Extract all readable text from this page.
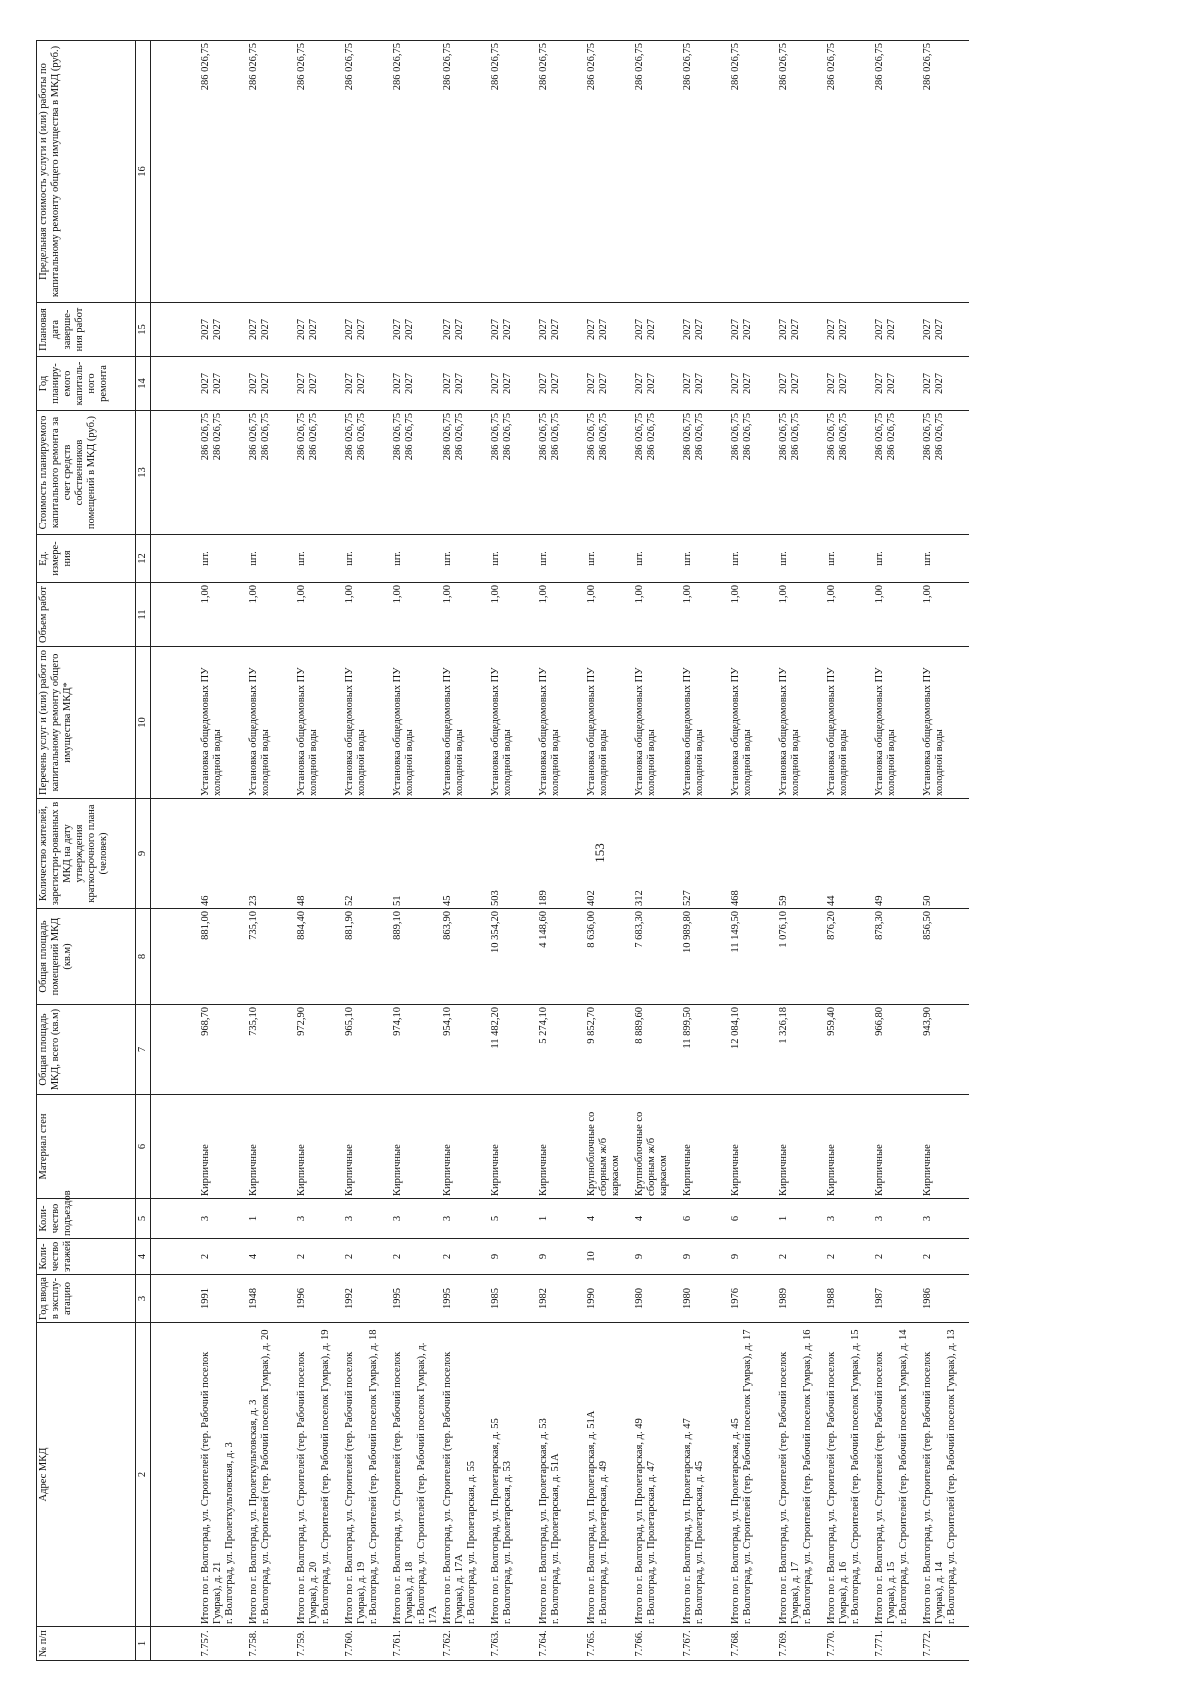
153
№ п/п	Адрес МКД	Год ввода в эксплу-атацию	Коли-чество этажей	Коли-чество подъездов	Материал стен	Общая площадь МКД, всего (кв.м)	Общая площадь помещений МКД (кв.м)	Количество жителей, зарегистри-рованных в МКД на дату утверждения краткосрочного плана (человек)	Перечень услуг и (или) работ по капитальному ремонту общего имущества МКД*	Объем работ	Ед. измере-ния	Стоимость планируемого капитального ремонта за счет средств собственников помещений в МКД (руб.)	Год планиру-емого капиталь-ного ремонта	Плановая дата заверше-ния работ	Предельная стоимость услуги и (или) работы по капитальному ремонту общего имущества в МКД (руб.)
1	2	3	4	5	6	7	8	9	10	11	12	13	14	15	16

7.757.	Итого по г. Волгоград, ул. Строителей (тер. Рабочий поселок Гумрак), д. 21 г. Волгоград, ул. Пролеткультовская, д. 3	1991	2	3	Кирпичные	968,70	881,00	46	Установка общедомовых ПУ холодной воды	1,00	шт.	286 026,75 286 026,75	2027 2027	2027 2027	286 026,75

7.758.	Итого по г. Волгоград, ул. Пролеткультовская, д. 3 г. Волгоград, ул. Строителей (тер. Рабочий поселок Гумрак), д. 20	1948	4	1	Кирпичные	735,10	735,10	23	Установка общедомовых ПУ холодной воды	1,00	шт.	286 026,75 286 026,75	2027 2027	2027 2027	286 026,75

7.759.	Итого по г. Волгоград, ул. Строителей (тер. Рабочий поселок Гумрак), д. 20 г. Волгоград, ул. Строителей (тер. Рабочий поселок Гумрак), д. 19	1996	2	3	Кирпичные	972,90	884,40	48	Установка общедомовых ПУ холодной воды	1,00	шт.	286 026,75 286 026,75	2027 2027	2027 2027	286 026,75

7.760.	Итого по г. Волгоград, ул. Строителей (тер. Рабочий поселок Гумрак), д. 19 г. Волгоград, ул. Строителей (тер. Рабочий поселок Гумрак), д. 18	1992	2	3	Кирпичные	965,10	881,90	52	Установка общедомовых ПУ холодной воды	1,00	шт.	286 026,75 286 026,75	2027 2027	2027 2027	286 026,75

7.761.	Итого по г. Волгоград, ул. Строителей (тер. Рабочий поселок Гумрак), д. 18 г. Волгоград, ул. Строителей (тер. Рабочий поселок Гумрак), д. 17А	1995	2	3	Кирпичные	974,10	889,10	51	Установка общедомовых ПУ холодной воды	1,00	шт.	286 026,75 286 026,75	2027 2027	2027 2027	286 026,75

7.762.	Итого по г. Волгоград, ул. Строителей (тер. Рабочий поселок Гумрак), д. 17А г. Волгоград, ул. Пролетарская, д. 55	1995	2	3	Кирпичные	954,10	863,90	45	Установка общедомовых ПУ холодной воды	1,00	шт.	286 026,75 286 026,75	2027 2027	2027 2027	286 026,75

7.763.	Итого по г. Волгоград, ул. Пролетарская, д. 55 г. Волгоград, ул. Пролетарская, д. 53	1985	9	5	Кирпичные	11 482,20	10 354,20	503	Установка общедомовых ПУ холодной воды	1,00	шт.	286 026,75 286 026,75	2027 2027	2027 2027	286 026,75

7.764.	Итого по г. Волгоград, ул. Пролетарская, д. 53 г. Волгоград, ул. Пролетарская, д. 51А	1982	9	1	Кирпичные	5 274,10	4 148,60	189	Установка общедомовых ПУ холодной воды	1,00	шт.	286 026,75 286 026,75	2027 2027	2027 2027	286 026,75

7.765.	Итого по г. Волгоград, ул. Пролетарская, д. 51А г. Волгоград, ул. Пролетарская, д. 49	1990	10	4	Крупноблочные со сборным ж/б каркасом	9 852,70	8 636,00	402	Установка общедомовых ПУ холодной воды	1,00	шт.	286 026,75 286 026,75	2027 2027	2027 2027	286 026,75

7.766.	Итого по г. Волгоград, ул. Пролетарская, д. 49 г. Волгоград, ул. Пролетарская, д. 47	1980	9	4	Крупноблочные со сборным ж/б каркасом	8 889,60	7 683,30	312	Установка общедомовых ПУ холодной воды	1,00	шт.	286 026,75 286 026,75	2027 2027	2027 2027	286 026,75

7.767.	Итого по г. Волгоград, ул. Пролетарская, д. 47 г. Волгоград, ул. Пролетарская, д. 45	1980	9	6	Кирпичные	11 899,50	10 989,80	527	Установка общедомовых ПУ холодной воды	1,00	шт.	286 026,75 286 026,75	2027 2027	2027 2027	286 026,75

7.768.	Итого по г. Волгоград, ул. Пролетарская, д. 45 г. Волгоград, ул. Строителей (тер. Рабочий поселок Гумрак), д. 17	1976	9	6	Кирпичные	12 084,10	11 149,50	468	Установка общедомовых ПУ холодной воды	1,00	шт.	286 026,75 286 026,75	2027 2027	2027 2027	286 026,75

7.769.	Итого по г. Волгоград, ул. Строителей (тер. Рабочий поселок Гумрак), д. 17 г. Волгоград, ул. Строителей (тер. Рабочий поселок Гумрак), д. 16	1989	2	1	Кирпичные	1 326,18	1 076,10	59	Установка общедомовых ПУ холодной воды	1,00	шт.	286 026,75 286 026,75	2027 2027	2027 2027	286 026,75

7.770.	Итого по г. Волгоград, ул. Строителей (тер. Рабочий поселок Гумрак), д. 16 г. Волгоград, ул. Строителей (тер. Рабочий поселок Гумрак), д. 15	1988	2	3	Кирпичные	959,40	876,20	44	Установка общедомовых ПУ холодной воды	1,00	шт.	286 026,75 286 026,75	2027 2027	2027 2027	286 026,75

7.771.	Итого по г. Волгоград, ул. Строителей (тер. Рабочий поселок Гумрак), д. 15 г. Волгоград, ул. Строителей (тер. Рабочий поселок Гумрак), д. 14	1987	2	3	Кирпичные	966,80	878,30	49	Установка общедомовых ПУ холодной воды	1,00	шт.	286 026,75 286 026,75	2027 2027	2027 2027	286 026,75

7.772.	Итого по г. Волгоград, ул. Строителей (тер. Рабочий поселок Гумрак), д. 14 г. Волгоград, ул. Строителей (тер. Рабочий поселок Гумрак), д. 13	1986	2	3	Кирпичные	943,90	856,50	50	Установка общедомовых ПУ холодной воды	1,00	шт.	286 026,75 286 026,75	2027 2027	2027 2027	286 026,75
